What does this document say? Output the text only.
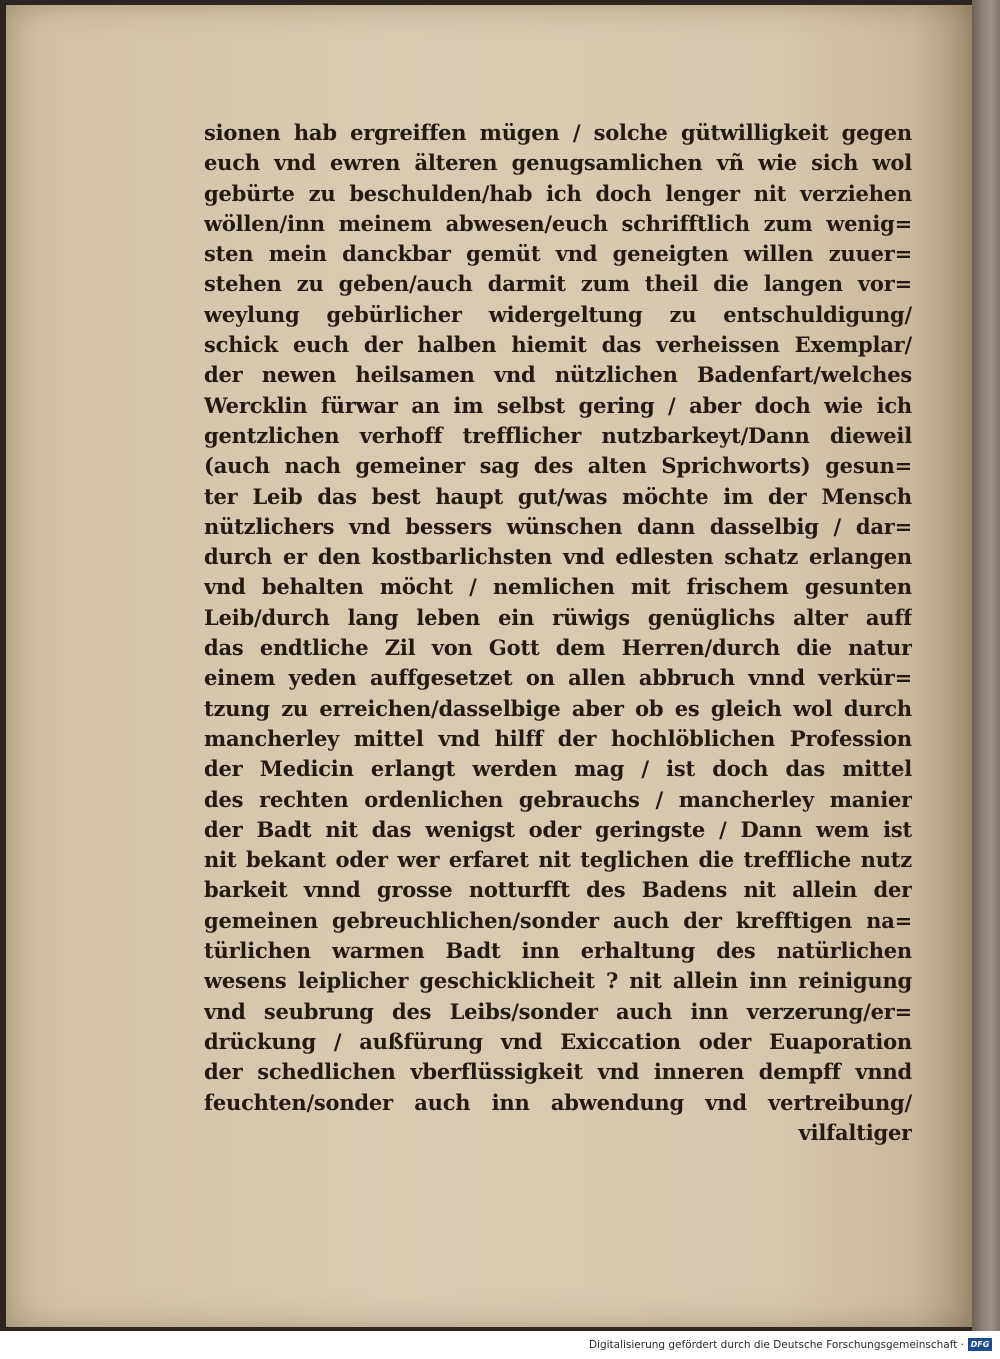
sionen hab ergreiffen mügen / solche gütwilligkeit gegen
euch vnd ewren älteren genugsamlichen vñ wie sich wol
gebürte zu beschulden/hab ich doch lenger nit verziehen
wöllen/inn meinem abwesen/euch schrifftlich zum wenig=
sten mein danckbar gemüt vnd geneigten willen zuuer=
stehen zu geben/auch darmit zum theil die langen vor=
weylung gebürlicher widergeltung zu entschuldigung/
schick euch der halben hiemit das verheissen Exemplar/
der newen heilsamen vnd nützlichen Badenfart/welches
Wercklin fürwar an im selbst gering / aber doch wie ich
gentzlichen verhoff trefflicher nutzbarkeyt/Dann dieweil
(auch nach gemeiner sag des alten Sprichworts) gesun=
ter Leib das best haupt gut/was möchte im der Mensch
nützlichers vnd bessers wünschen dann dasselbig / dar=
durch er den kostbarlichsten vnd edlesten schatz erlangen
vnd behalten möcht / nemlichen mit frischem gesunten
Leib/durch lang leben ein rüwigs genüglichs alter auff
das endtliche Zil von Gott dem Herren/durch die natur
einem yeden auffgesetzet on allen abbruch vnnd verkür=
tzung zu erreichen/dasselbige aber ob es gleich wol durch
mancherley mittel vnd hilff der hochlöblichen Profession
der Medicin erlangt werden mag / ist doch das mittel
des rechten ordenlichen gebrauchs / mancherley manier
der Badt nit das wenigst oder geringste / Dann wem ist
nit bekant oder wer erfaret nit teglichen die treffliche nutz
barkeit vnnd grosse notturfft des Badens nit allein der
gemeinen gebreuchlichen/sonder auch der krefftigen na=
türlichen warmen Badt inn erhaltung des natürlichen
wesens leiplicher geschicklicheit ? nit allein inn reinigung
vnd seubrung des Leibs/sonder auch inn verzerung/er=
drückung / außfürung vnd Exiccation oder Euaporation
der schedlichen vberflüssigkeit vnd inneren dempff vnnd
feuchten/sonder auch inn abwendung vnd vertreibung/
vilfaltiger
Digitalisierung gefördert durch die Deutsche Forschungsgemeinschaft · DFG
